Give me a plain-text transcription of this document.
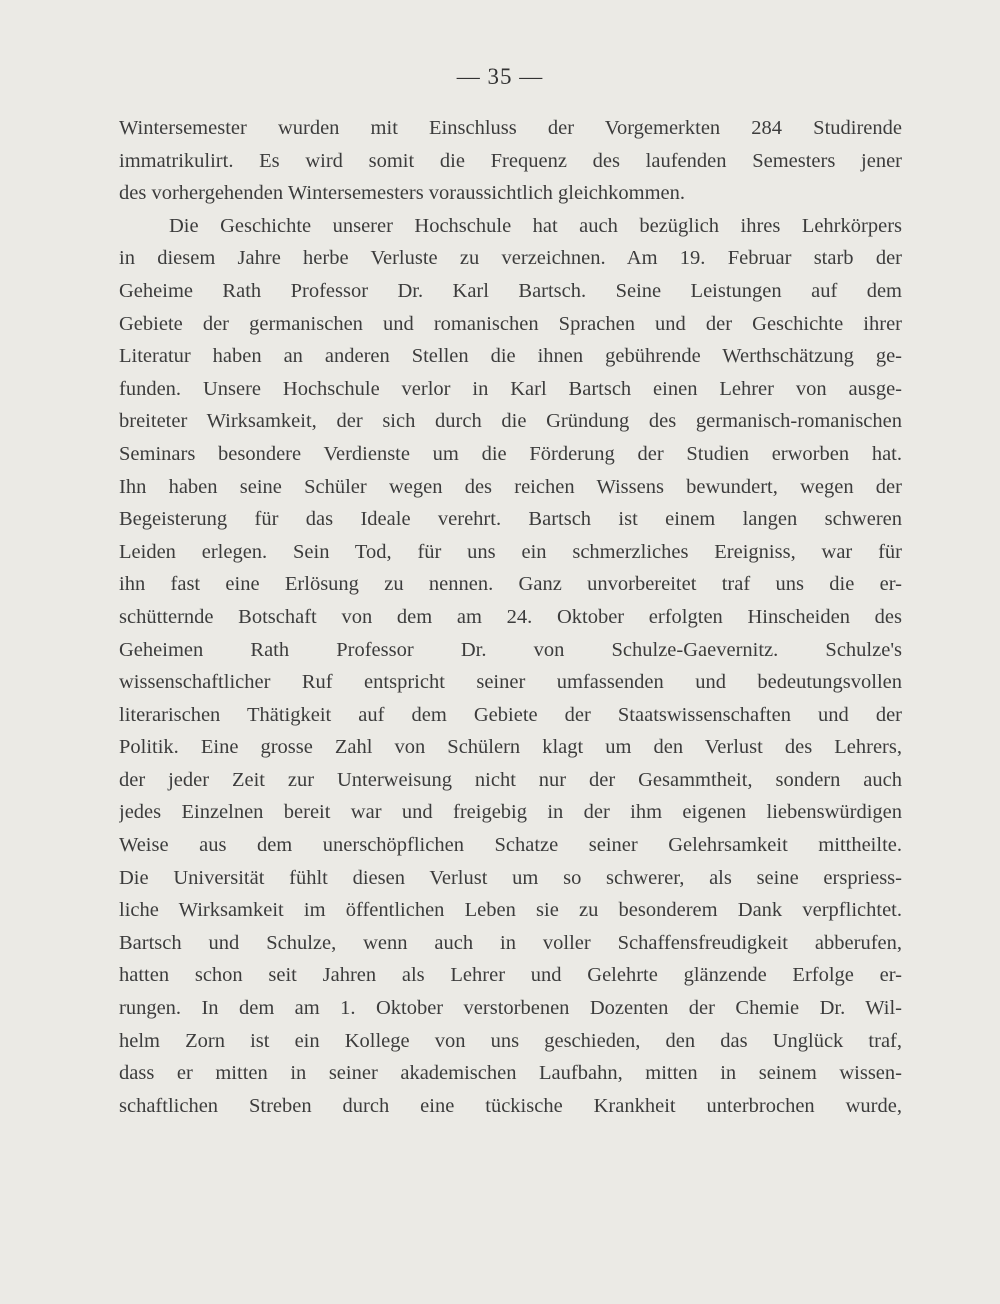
— 35 —
Wintersemester wurden mit Einschluss der Vorgemerkten 284 Studirende
immatrikulirt. Es wird somit die Frequenz des laufenden Semesters jener
des vorhergehenden Wintersemesters voraussichtlich gleichkommen.
Die Geschichte unserer Hochschule hat auch bezüglich ihres Lehrkörpers
in diesem Jahre herbe Verluste zu verzeichnen. Am 19. Februar starb der
Geheime Rath Professor Dr. Karl Bartsch. Seine Leistungen auf dem
Gebiete der germanischen und romanischen Sprachen und der Geschichte ihrer
Literatur haben an anderen Stellen die ihnen gebührende Werthschätzung ge-
funden. Unsere Hochschule verlor in Karl Bartsch einen Lehrer von ausge-
breiteter Wirksamkeit, der sich durch die Gründung des germanisch-romanischen
Seminars besondere Verdienste um die Förderung der Studien erworben hat.
Ihn haben seine Schüler wegen des reichen Wissens bewundert, wegen der
Begeisterung für das Ideale verehrt. Bartsch ist einem langen schweren
Leiden erlegen. Sein Tod, für uns ein schmerzliches Ereigniss, war für
ihn fast eine Erlösung zu nennen. Ganz unvorbereitet traf uns die er-
schütternde Botschaft von dem am 24. Oktober erfolgten Hinscheiden des
Geheimen Rath Professor Dr. von Schulze-Gaevernitz. Schulze's
wissenschaftlicher Ruf entspricht seiner umfassenden und bedeutungsvollen
literarischen Thätigkeit auf dem Gebiete der Staatswissenschaften und der
Politik. Eine grosse Zahl von Schülern klagt um den Verlust des Lehrers,
der jeder Zeit zur Unterweisung nicht nur der Gesammtheit, sondern auch
jedes Einzelnen bereit war und freigebig in der ihm eigenen liebenswürdigen
Weise aus dem unerschöpflichen Schatze seiner Gelehrsamkeit mittheilte.
Die Universität fühlt diesen Verlust um so schwerer, als seine erspriess-
liche Wirksamkeit im öffentlichen Leben sie zu besonderem Dank verpflichtet.
Bartsch und Schulze, wenn auch in voller Schaffensfreudigkeit abberufen,
hatten schon seit Jahren als Lehrer und Gelehrte glänzende Erfolge er-
rungen. In dem am 1. Oktober verstorbenen Dozenten der Chemie Dr. Wil-
helm Zorn ist ein Kollege von uns geschieden, den das Unglück traf,
dass er mitten in seiner akademischen Laufbahn, mitten in seinem wissen-
schaftlichen Streben durch eine tückische Krankheit unterbrochen wurde,
